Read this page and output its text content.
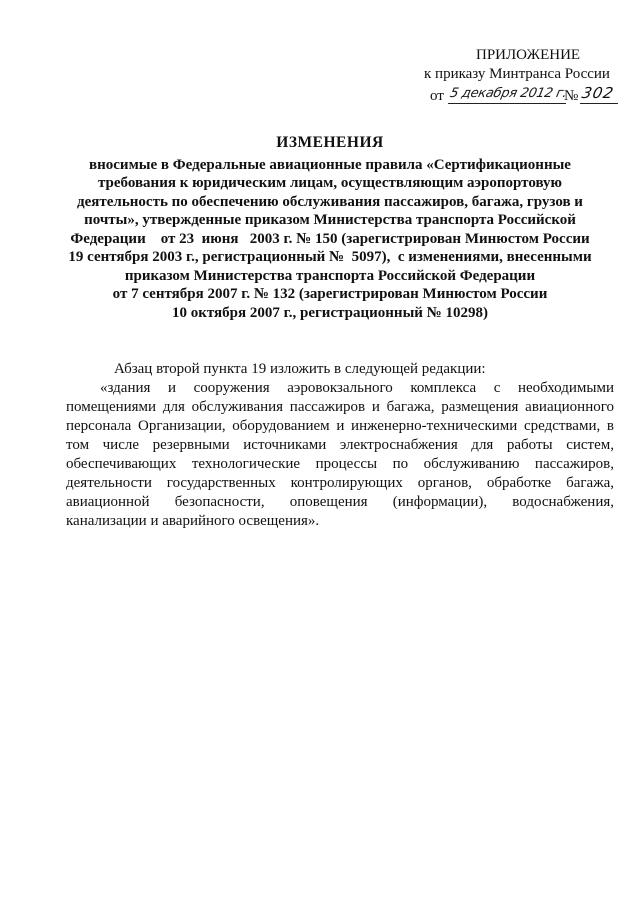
ПРИЛОЖЕНИЕ
к приказу Минтранса России
от 5 декабря 2012 г.
№ 302
ИЗМЕНЕНИЯ
вносимые в Федеральные авиационные правила «Сертификационные
требования к юридическим лицам, осуществляющим аэропортовую
деятельность по обеспечению обслуживания пассажиров, багажа, грузов и
почты», утвержденные приказом Министерства транспорта Российской
Федерации    от 23  июня   2003 г. № 150 (зарегистрирован Минюстом России
19 сентября 2003 г., регистрационный №  5097),  с изменениями, внесенными
приказом Министерства транспорта Российской Федерации
от 7 сентября 2007 г. № 132 (зарегистрирован Минюстом России
10 октября 2007 г., регистрационный № 10298)
Абзац второй пункта 19 изложить в следующей редакции:
«здания и сооружения аэровокзального комплекса с необходимыми
помещениями для обслуживания пассажиров и багажа, размещения авиационного
персонала Организации, оборудованием и инженерно-техническими средствами, в
том числе резервными источниками электроснабжения для работы систем,
обеспечивающих технологические процессы по обслуживанию пассажиров,
деятельности государственных контролирующих органов, обработке багажа,
авиационной безопасности, оповещения (информации), водоснабжения,
канализации и аварийного освещения».
